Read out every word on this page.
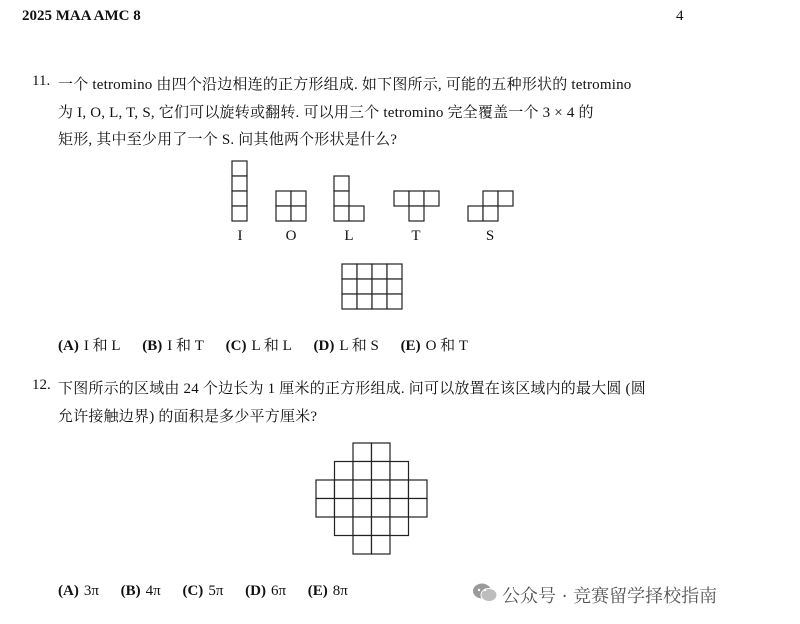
2025 MAA AMC 8	4
11. 一个 tetromino 由四个沿边相连的正方形组成. 如下图所示, 可能的五种形状的 tetromino
为 I, O, L, T, S, 它们可以旋转或翻转. 可以用三个 tetromino 完全覆盖一个 3 × 4 的
矩形, 其中至少用了一个 S. 问其他两个形状是什么?
I	O	L	T	S
(A) I 和 L (B) I 和 T (C) L 和 L (D) L 和 S (E) O 和 T
12. 下图所示的区域由 24 个边长为 1 厘米的正方形组成. 问可以放置在该区域内的最大圆 (圆
允许接触边界) 的面积是多少平方厘米?
(A) 3π (B) 4π (C) 5π (D) 6π (E) 8π	公众号 · 竞赛留学择校指南
